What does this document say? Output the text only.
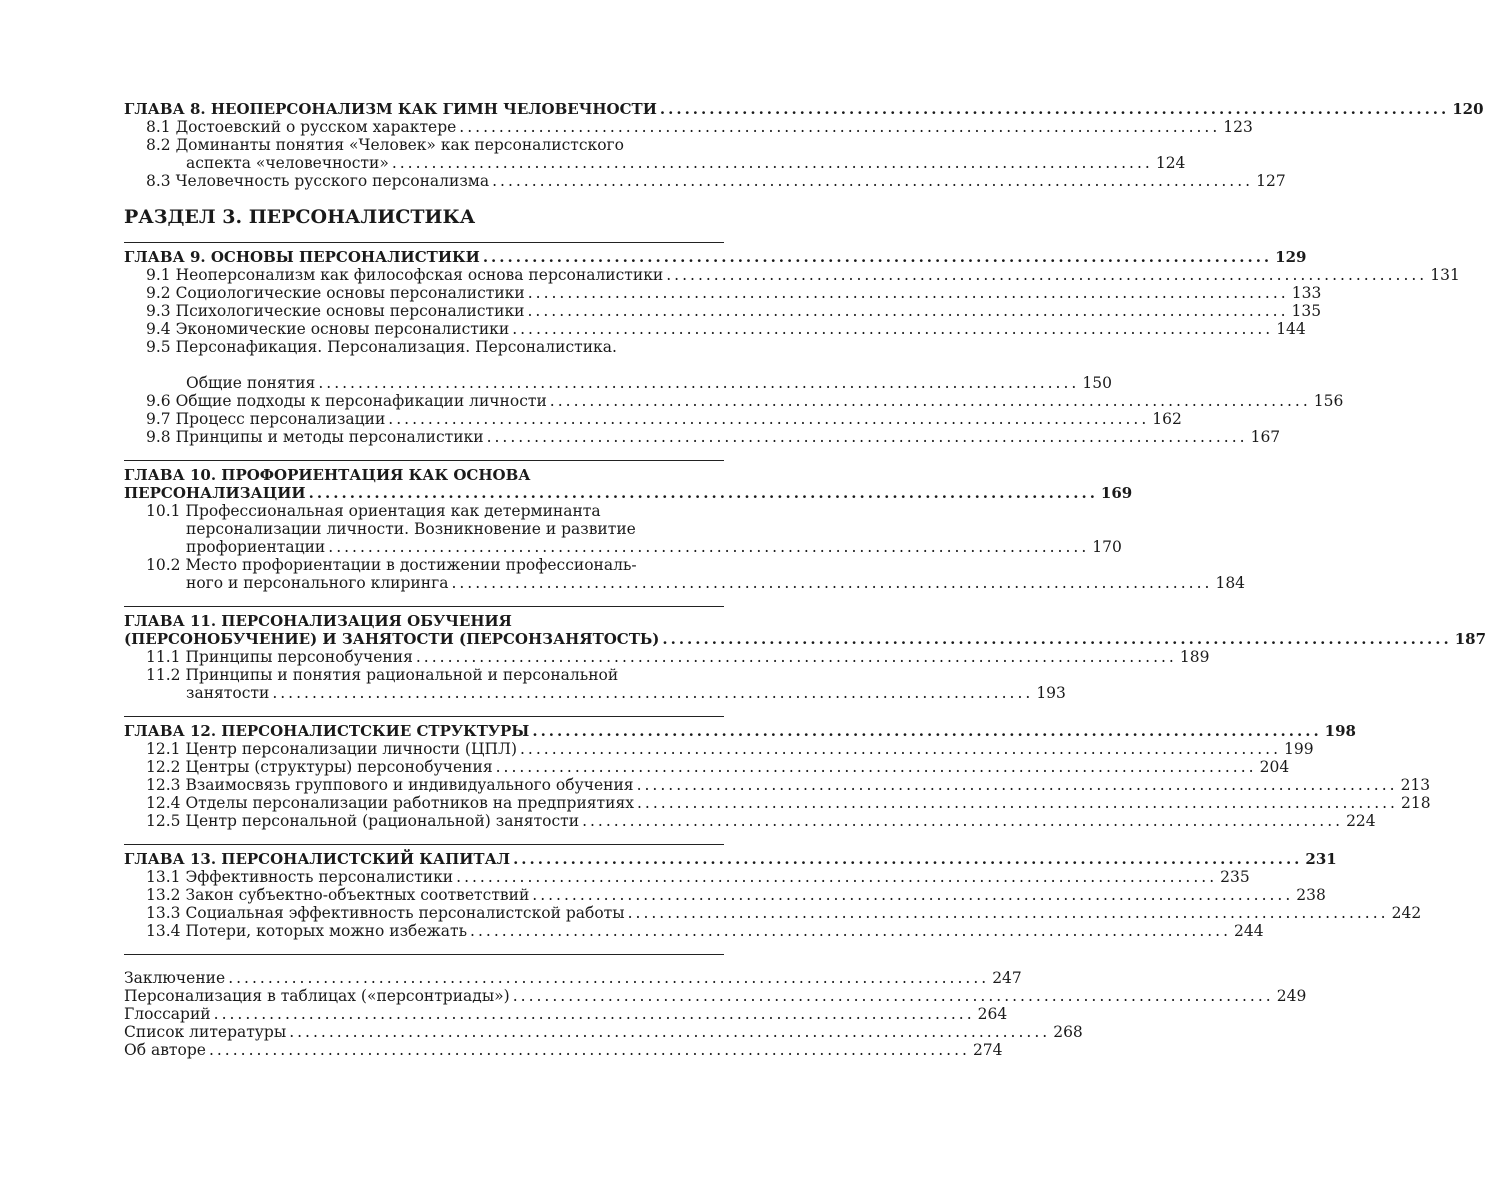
ГЛАВА 8. НЕОПЕРСОНАЛИЗМ КАК ГИМН ЧЕЛОВЕЧНОСТИ ................................................................................................ 120
8.1 Достоевский о русском характере ................................................................................................ 123
8.2 Доминанты понятия «Человек» как персоналистского
аспекта «человечности» ................................................................................................ 124
8.3 Человечность русского персонализма ................................................................................................ 127
РАЗДЕЛ 3. ПЕРСОНАЛИСТИКА
ГЛАВА 9. ОСНОВЫ ПЕРСОНАЛИСТИКИ ................................................................................................ 129
9.1 Неоперсонализм как философская основа персоналистики ................................................................................................ 131
9.2 Социологические основы персоналистики ................................................................................................ 133
9.3 Психологические основы персоналистики ................................................................................................ 135
9.4 Экономические основы персоналистики ................................................................................................ 144
9.5 Персонафикация. Персонализация. Персоналистика.
Общие понятия ................................................................................................ 150
9.6 Общие подходы к персонафикации личности ................................................................................................ 156
9.7 Процесс персонализации ................................................................................................ 162
9.8 Принципы и методы персоналистики ................................................................................................ 167
ГЛАВА 10. ПРОФОРИЕНТАЦИЯ КАК ОСНОВА
ПЕРСОНАЛИЗАЦИИ ................................................................................................ 169
10.1 Профессиональная ориентация как детерминанта
персонализации личности. Возникновение и развитие
профориентации ................................................................................................ 170
10.2 Место профориентации в достижении профессиональ-
ного и персонального клиринга ................................................................................................ 184
ГЛАВА 11. ПЕРСОНАЛИЗАЦИЯ ОБУЧЕНИЯ
(ПЕРСОНОБУЧЕНИЕ) И ЗАНЯТОСТИ (ПЕРСОНЗАНЯТОСТЬ) ................................................................................................ 187
11.1 Принципы персонобучения ................................................................................................ 189
11.2 Принципы и понятия рациональной и персональной
занятости ................................................................................................ 193
ГЛАВА 12. ПЕРСОНАЛИСТСКИЕ СТРУКТУРЫ ................................................................................................ 198
12.1 Центр персонализации личности (ЦПЛ) ................................................................................................ 199
12.2 Центры (структуры) персонобучения ................................................................................................ 204
12.3 Взаимосвязь группового и индивидуального обучения ................................................................................................ 213
12.4 Отделы персонализации работников на предприятиях ................................................................................................ 218
12.5 Центр персональной (рациональной) занятости ................................................................................................ 224
ГЛАВА 13. ПЕРСОНАЛИСТСКИЙ КАПИТАЛ ................................................................................................ 231
13.1 Эффективность персоналистики ................................................................................................ 235
13.2 Закон субъектно-объектных соответствий ................................................................................................ 238
13.3 Социальная эффективность персоналистской работы ................................................................................................ 242
13.4 Потери, которых можно избежать ................................................................................................ 244
Заключение ................................................................................................ 247
Персонализация в таблицах («персонтриады») ................................................................................................ 249
Глоссарий ................................................................................................ 264
Список литературы ................................................................................................ 268
Об авторе ................................................................................................ 274
